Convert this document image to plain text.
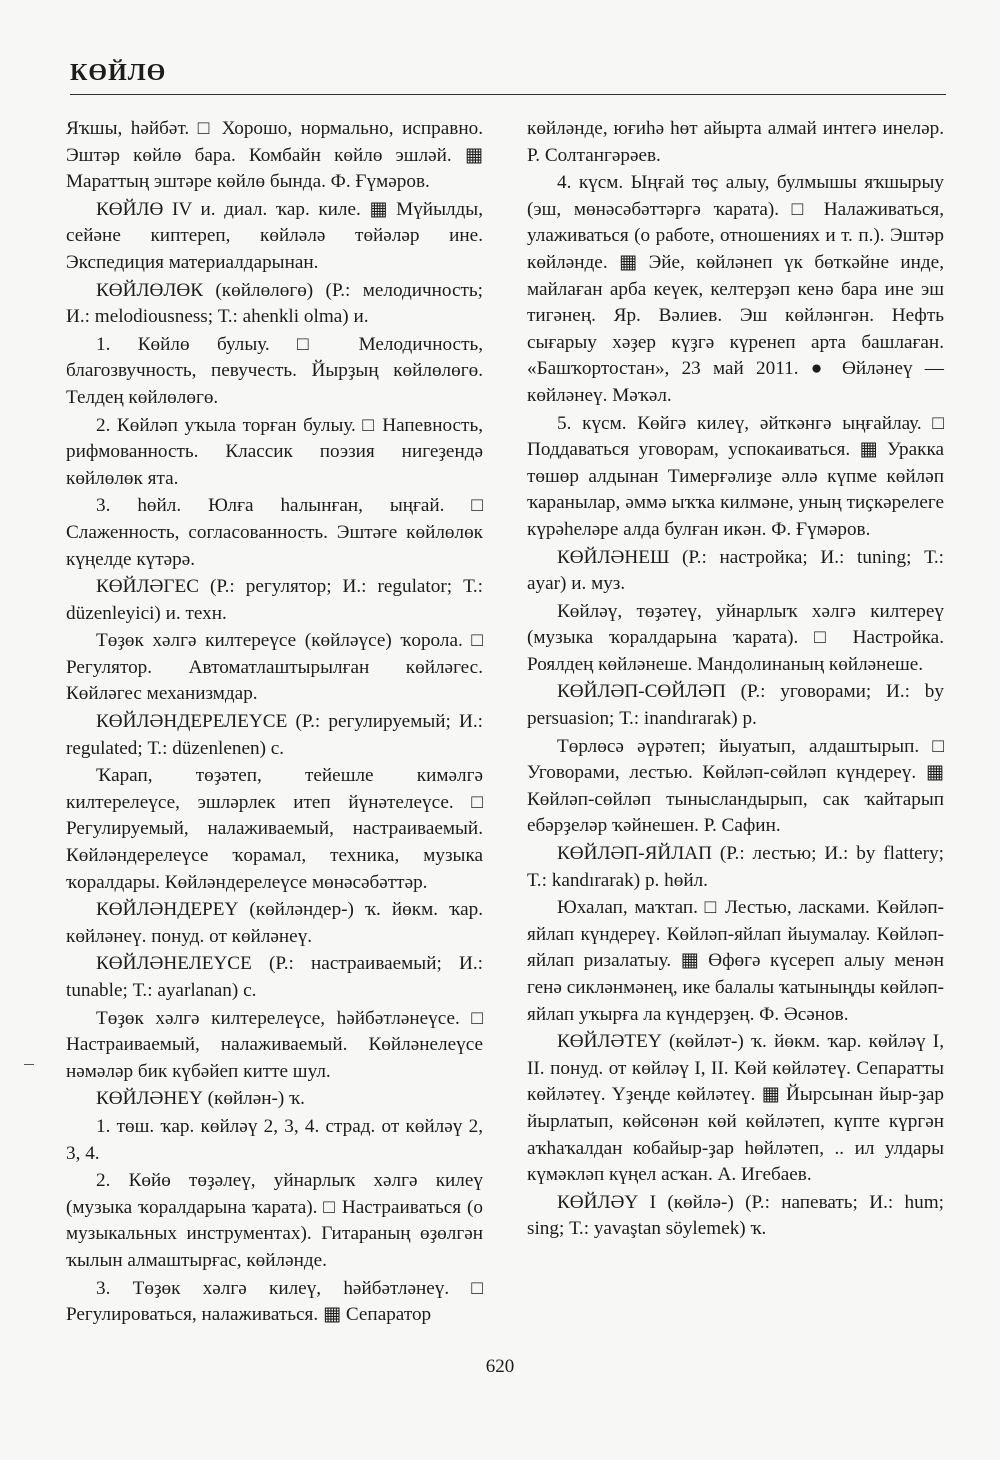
КӨЙЛӨ

Яҡшы, һәйбәт. □ Хорошо, нормально, исправно. Эштәр көйлө бара. Комбайн көйлө эшләй. ▦ Мараттың эштәре көйлө бында. Ф. Ғүмәров.

КӨЙЛӨ IV и. диал. ҡар. киле. ▦ Мүйылды, сейәне киптереп, көйләлә төйәләр ине. Экспедиция материалдарынан.

КӨЙЛӨЛӨК (көйлөлөгө) (Р.: мелодичность; И.: melodiousness; Т.: ahenkli olma) и.

1. Көйлө булыу. □ Мелодичность, благозвучность, певучесть. Йырҙың көйлөлөгө. Телдең көйлөлөгө.

2. Көйләп уҡыла торған булыу. □ Напевность, рифмованность. Классик поэзия нигеҙендә көйлөлөк ята.

3. һөйл. Юлға һалынған, ыңғай. □ Слаженность, согласованность. Эштәге көйлөлөк күңелде күтәрә.

КӨЙЛӘГЕС (Р.: регулятор; И.: regulator; Т.: düzenleyici) и. техн.

Төҙөк хәлгә килтереүсе (көйләүсе) ҡорола. □ Регулятор. Автоматлаштырылған көйләгес. Көйләгес механизмдар.

КӨЙЛӘНДЕРЕЛЕҮСЕ (Р.: регулируемый; И.: regulated; Т.: düzenlenen) с.

Ҡарап, төҙәтеп, тейешле кимәлгә килтерелеүсе, эшләрлек итеп йүнәтелеүсе. □ Регулируемый, налаживаемый, настраиваемый. Көйләндерелеүсе ҡорамал, техника, музыка ҡоралдары. Көйләндерелеүсе мөнәсәбәттәр.

КӨЙЛӘНДЕРЕҮ (көйләндер-) ҡ. йөкм. ҡар. көйләнеү. понуд. от көйләнеү.

КӨЙЛӘНЕЛЕҮСЕ (Р.: настраиваемый; И.: tunable; Т.: ayarlanan) с.

Төҙөк хәлгә килтерелеүсе, һәйбәтләнеүсе. □ Настраиваемый, налаживаемый. Көйләнелеүсе нәмәләр бик күбәйеп китте шул.

КӨЙЛӘНЕҮ (көйлән-) ҡ.

1. төш. ҡар. көйләү 2, 3, 4. страд. от көйләү 2, 3, 4.

2. Көйө төҙәлеү, уйнарлыҡ хәлгә килеү (музыка ҡоралдарына ҡарата). □ Настраиваться (о музыкальных инструментах). Гитараның өҙөлгән ҡылын алмаштырғас, көйләнде.

3. Төҙөк хәлгә килеү, һәйбәтләнеү. □ Регулироваться, налаживаться. ▦ Сепаратор

көйләнде, юғиһә һөт айырта алмай интегә инеләр. Р. Солтангәрәев.

4. күсм. Ыңғай төҫ алыу, булмышы яҡшырыу (эш, мөнәсәбәттәргә ҡарата). □ Налаживаться, улаживаться (о работе, отношениях и т. п.). Эштәр көйләнде. ▦ Эйе, көйләнеп үк бөткәйне инде, майлаған арба кеүек, келтерҙәп кенә бара ине эш тигәнең. Яр. Вәлиев. Эш көйләнгән. Нефть сығарыу хәҙер күҙгә күренеп арта башлаған. «Башҡортостан», 23 май 2011. ● Өйләнеү — көйләнеү. Мәҡәл.

5. күсм. Көйгә килеү, әйткәнгә ыңғайлау. □ Поддаваться уговорам, успокаиваться. ▦ Уракка төшөр алдынан Тимерғәлиҙе әллә күпме көйләп ҡаранылар, әммә ыҡҡа килмәне, уның тиҫкәрелеге күрәһеләре алда булған икән. Ф. Ғүмәров.

КӨЙЛӘНЕШ (Р.: настройка; И.: tuning; Т.: ayar) и. муз.

Көйләү, төҙәтеү, уйнарлыҡ хәлгә килтереү (музыка ҡоралдарына ҡарата). □ Настройка. Роялдең көйләнеше. Мандолинаның көйләнеше.

КӨЙЛӘП-СӨЙЛӘП (Р.: уговорами; И.: by persuasion; Т.: inandırarak) р.

Төрлөсә әүрәтеп; йыуатып, алдаштырып. □ Уговорами, лестью. Көйләп-сөйләп күндереү. ▦ Көйләп-сөйләп тынысландырып, сак ҡайтарып ебәрҙеләр ҡәйнешен. Р. Сафин.

КӨЙЛӘП-ЯЙЛАП (Р.: лестью; И.: by flattery; Т.: kandırarak) р. һөйл.

Юхалап, маҡтап. □ Лестью, ласками. Көйләп-яйлап күндереү. Көйләп-яйлап йыумалау. Көйләп-яйлап ризалатыу. ▦ Өфөгә күсереп алыу менән генә сикләнмәнең, ике балалы ҡатыныңды көйләп-яйлап уҡырға ла күндерҙең. Ф. Әсәнов.

КӨЙЛӘТЕҮ (көйләт-) ҡ. йөкм. ҡар. көйләү I, II. понуд. от көйләү I, II. Көй көйләтеү. Сепаратты көйләтеү. Үҙеңде көйләтеү. ▦ Йырсынан йыр-ҙар йырлатып, көйсөнән көй көйләтеп, күпте күргән аҡһаҡалдан кобайыр-ҙар һөйләтеп, .. ил улдары күмәкләп күңел асҡан. А. Игебаев.

КӨЙЛӘҮ I (көйлә-) (Р.: напевать; И.: hum; sing; Т.: yavaştan söylemek) ҡ.

620
